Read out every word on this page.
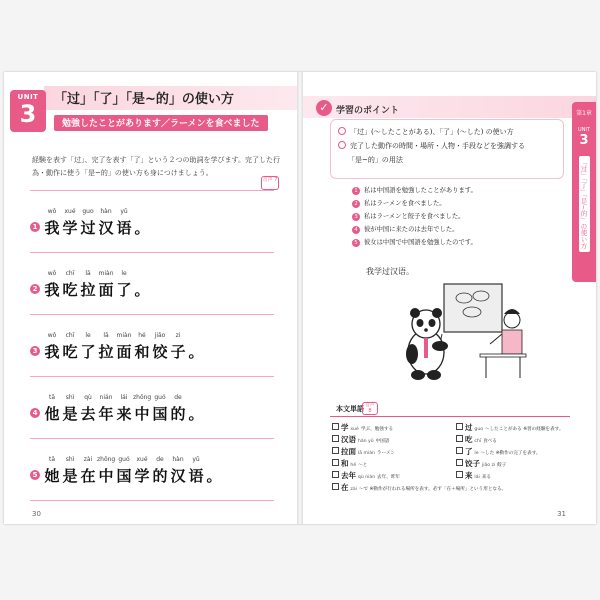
UNIT
3
「过」「了」「是~的」の使い方
勉強したことがあります／ラーメンを食べました
経験を表す「过」、完了を表す「了」という２つの助詞を学びます。完了した行
為・動作に使う「是~的」の使い方も身につけましょう。
音声 7
1
wǒ
我
xué
学
guo
过
hàn
汉
yǔ
语 。
2
wǒ
我
chī
吃
lā
拉
miàn
面
le
了 。
3
wǒ
我
chī
吃
le
了
lā
拉
miàn
面
hé
和
jiǎo
饺
zi
子 。
4
tā
他
shì
是
qù
去
nián
年
lái
来
zhōng
中
guó
国
de
的 。
5
tā
她
shì
是
zài
在
zhōng
中
guó
国
xué
学
de
的
hàn
汉
yǔ
语 。
30
✓ 学習のポイント
「过」(～したことがある)、「了」(～した) の使い方
完了した動作の時間・場所・人物・手段などを強調する
「是~的」の用法
1 私は中国語を勉強したことがあります。
2 私はラーメンを食べました。
3 私はラーメンと餃子を食べました。
4 彼が中国に来たのは去年でした。
5 彼女は中国で中国語を勉強したのです。
第1章
UNIT
3
「过」「了」「是~的」の使い方
我学过汉语。
本文単語 音声 8
学 xué 学ぶ、勉強する
汉语 hàn yǔ 中国語
拉面 lā miàn ラーメン
和 hé ～と
去年 qù nián 去年、昨年
在 zài ～で ※動作が行われる場所を表す。必ず「在＋場所」という形となる。
过 guo ～したことがある ※習の経験を表す。
吃 chī 食べる
了 le ～した ※動作の完了を表す。
饺子 jiǎo zi 餃子
来 lái 来る
31
